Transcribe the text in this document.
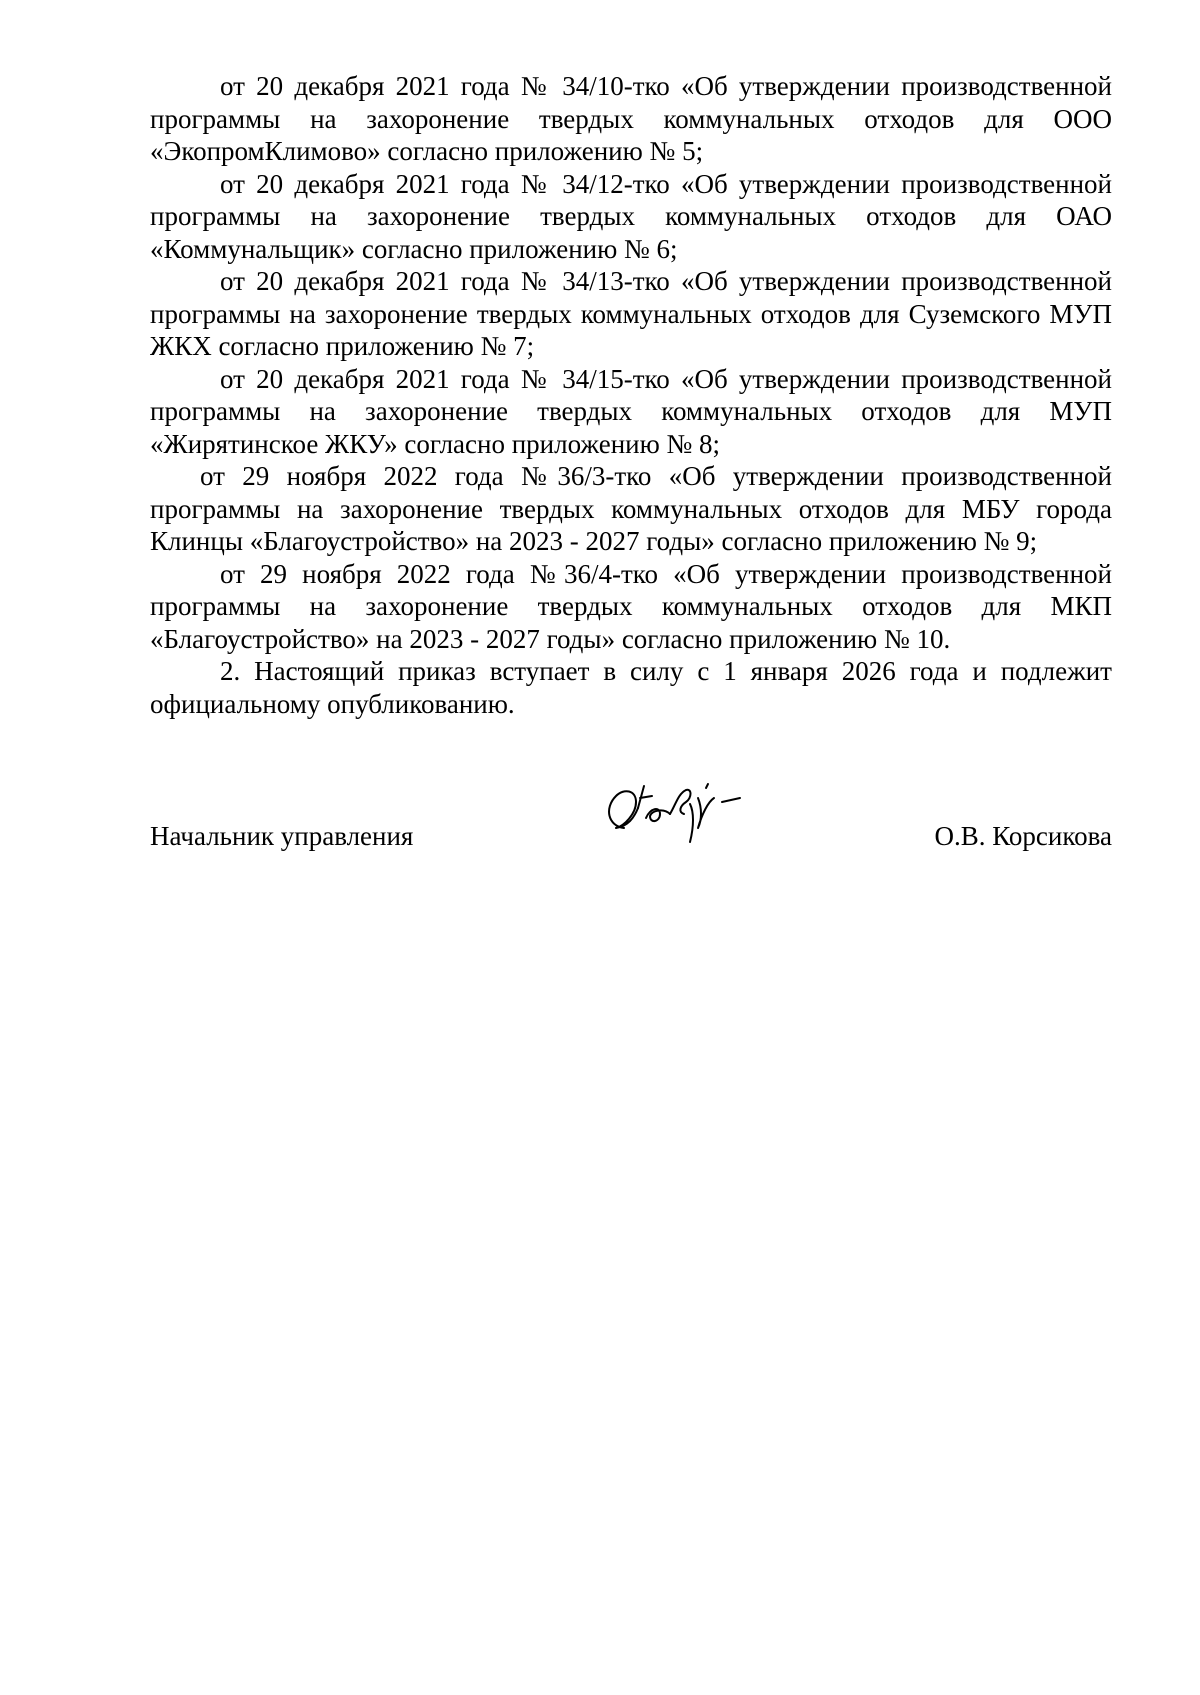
от 20 декабря 2021 года № 34/10-тко «Об утверждении производственной программы на захоронение твердых коммунальных отходов для ООО «ЭкопромКлимово» согласно приложению № 5;

от 20 декабря 2021 года № 34/12-тко «Об утверждении производственной программы на захоронение твердых коммунальных отходов для ОАО «Коммунальщик» согласно приложению № 6;

от 20 декабря 2021 года № 34/13-тко «Об утверждении производственной программы на захоронение твердых коммунальных отходов для Суземского МУП ЖКХ согласно приложению № 7;

от 20 декабря 2021 года № 34/15-тко «Об утверждении производственной программы на захоронение твердых коммунальных отходов для МУП «Жирятинское ЖКУ» согласно приложению № 8;

от 29 ноября 2022 года №36/3-тко «Об утверждении производственной программы на захоронение твердых коммунальных отходов для МБУ города Клинцы «Благоустройство» на 2023 - 2027 годы» согласно приложению № 9;

от 29 ноября 2022 года №36/4-тко «Об утверждении производственной программы на захоронение твердых коммунальных отходов для МКП «Благоустройство» на 2023 - 2027 годы» согласно приложению № 10.

2. Настоящий приказ вступает в силу с 1 января 2026 года и подлежит официальному опубликованию.

Начальник управления	О.В. Корсикова
